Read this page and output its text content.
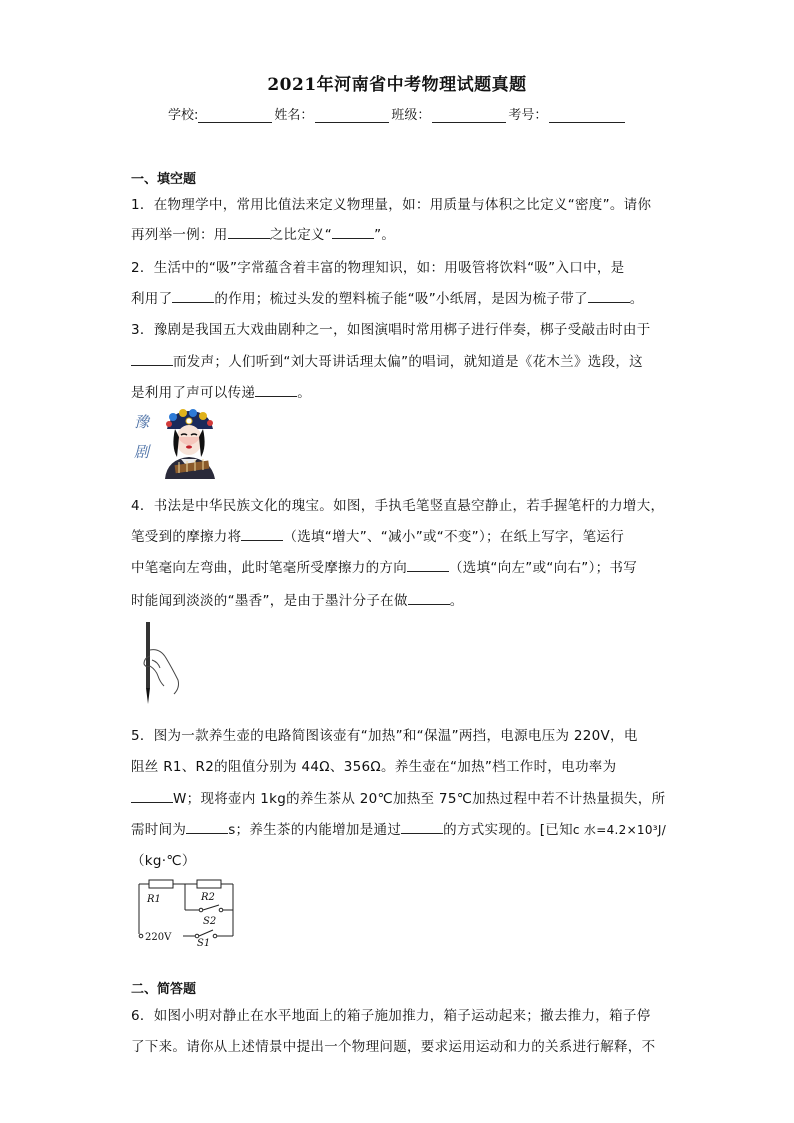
2021年河南省中考物理试题真题
学校:	姓名：	班级：	考号：
一、填空题
1．在物理学中，常用比值法来定义物理量，如：用质量与体积之比定义“密度”。请你
再列举一例：用	之比定义“	”。
2．生活中的“吸”字常蕴含着丰富的物理知识，如：用吸管将饮料“吸”入口中，是
利用了	的作用；梳过头发的塑料梳子能“吸”小纸屑，是因为梳子带了	。
3．豫剧是我国五大戏曲剧种之一，如图演唱时常用梆子进行伴奏，梆子受敲击时由于
而发声；人们听到“刘大哥讲话理太偏”的唱词，就知道是《花木兰》选段，这
是利用了声可以传递	。
豫
剧
4．书法是中华民族文化的瑰宝。如图，手执毛笔竖直悬空静止，若手握笔杆的力增大，
笔受到的摩擦力将	（选填“增大”、“减小”或“不变”）；在纸上写字，笔运行
中笔毫向左弯曲，此时笔毫所受摩擦力的方向	（选填“向左”或“向右”）；书写
时能闻到淡淡的“墨香”，是由于墨汁分子在做	。
5．图为一款养生壶的电路简图该壶有“加热”和“保温”两挡，电源电压为 220V，电
阻丝 R1、R2的阻值分别为 44Ω、356Ω。养生壶在“加热”档工作时，电功率为
W；现将壶内 1kg的养生茶从 20℃加热至 75℃加热过程中若不计热量损失，所
需时间为	s；养生茶的内能增加是通过	的方式实现的。[已知c 水=4.2×10³J/
（kg·℃）
R1	R2
S2
S1
220V
二、简答题
6．如图小明对静止在水平地面上的箱子施加推力，箱子运动起来；撤去推力，箱子停
了下来。请你从上述情景中提出一个物理问题，要求运用运动和力的关系进行解释，不
